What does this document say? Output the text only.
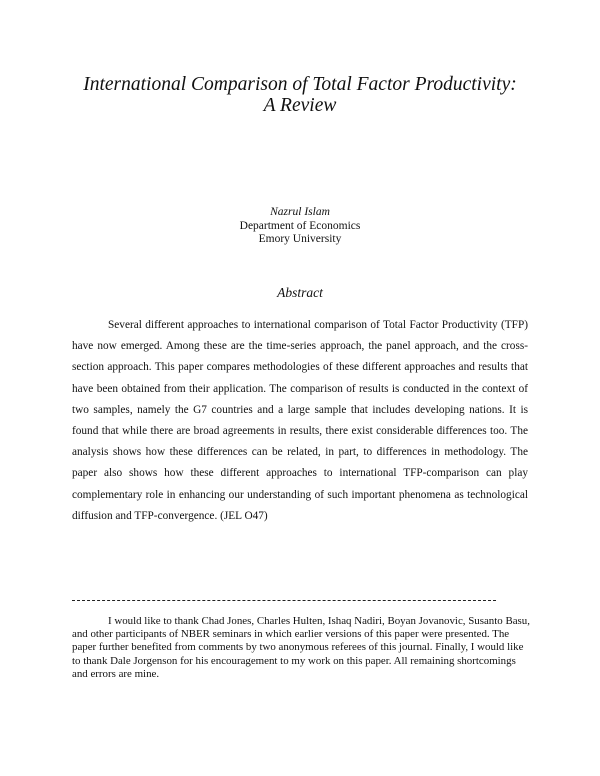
International Comparison of Total Factor Productivity:
A Review
Nazrul Islam
Department of Economics
Emory University
Abstract

Several different approaches to international comparison of Total Factor Productivity (TFP) have now emerged. Among these are the time-series approach, the panel approach, and the cross-section approach. This paper compares methodologies of these different approaches and results that have been obtained from their application. The comparison of results is conducted in the context of two samples, namely the G7 countries and a large sample that includes developing nations. It is found that while there are broad agreements in results, there exist considerable differences too. The analysis shows how these differences can be related, in part, to differences in methodology. The paper also shows how these different approaches to international TFP-comparison can play complementary role in enhancing our understanding of such important phenomena as technological diffusion and TFP-convergence. (JEL O47)

I would like to thank Chad Jones, Charles Hulten, Ishaq Nadiri, Boyan Jovanovic, Susanto Basu, and other participants of NBER seminars in which earlier versions of this paper were presented. The paper further benefited from comments by two anonymous referees of this journal. Finally, I would like to thank Dale Jorgenson for his encouragement to my work on this paper. All remaining shortcomings and errors are mine.
